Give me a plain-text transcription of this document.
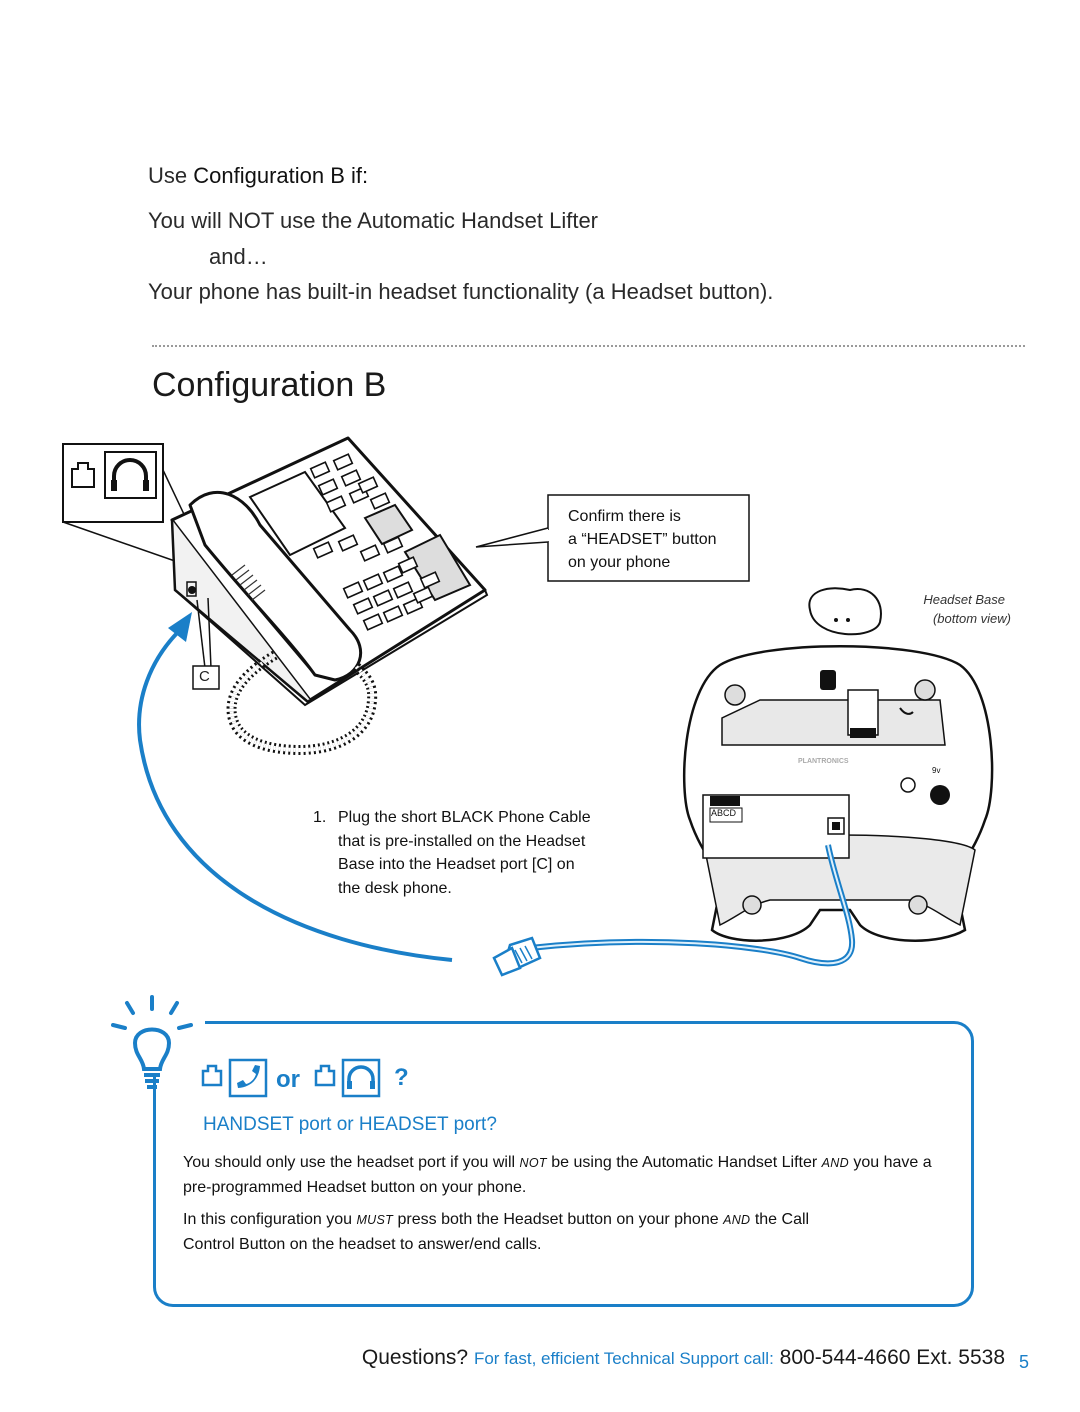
Use Configuration B if:
You will NOT use the Automatic Handset Lifter
and…
Your phone has built-in headset functionality (a Headset button).
Configuration B
Confirm there is
a “HEADSET” button
on your phone
C
Headset Base
(bottom view)
ABCD
PLANTRONICS
9v
1. Plug the short BLACK Phone Cable that is pre-installed on the Headset Base into the Headset port [C] on the desk phone.
or	?
HANDSET port or HEADSET port?
You should only use the headset port if you will NOT be using the Automatic Handset Lifter AND you have a pre-programmed Headset button on your phone.
In this configuration you MUST press both the Headset button on your phone AND the Call Control Button on the headset to answer/end calls.
Questions? For fast, efficient Technical Support call: 800-544-4660 Ext. 5538 5
